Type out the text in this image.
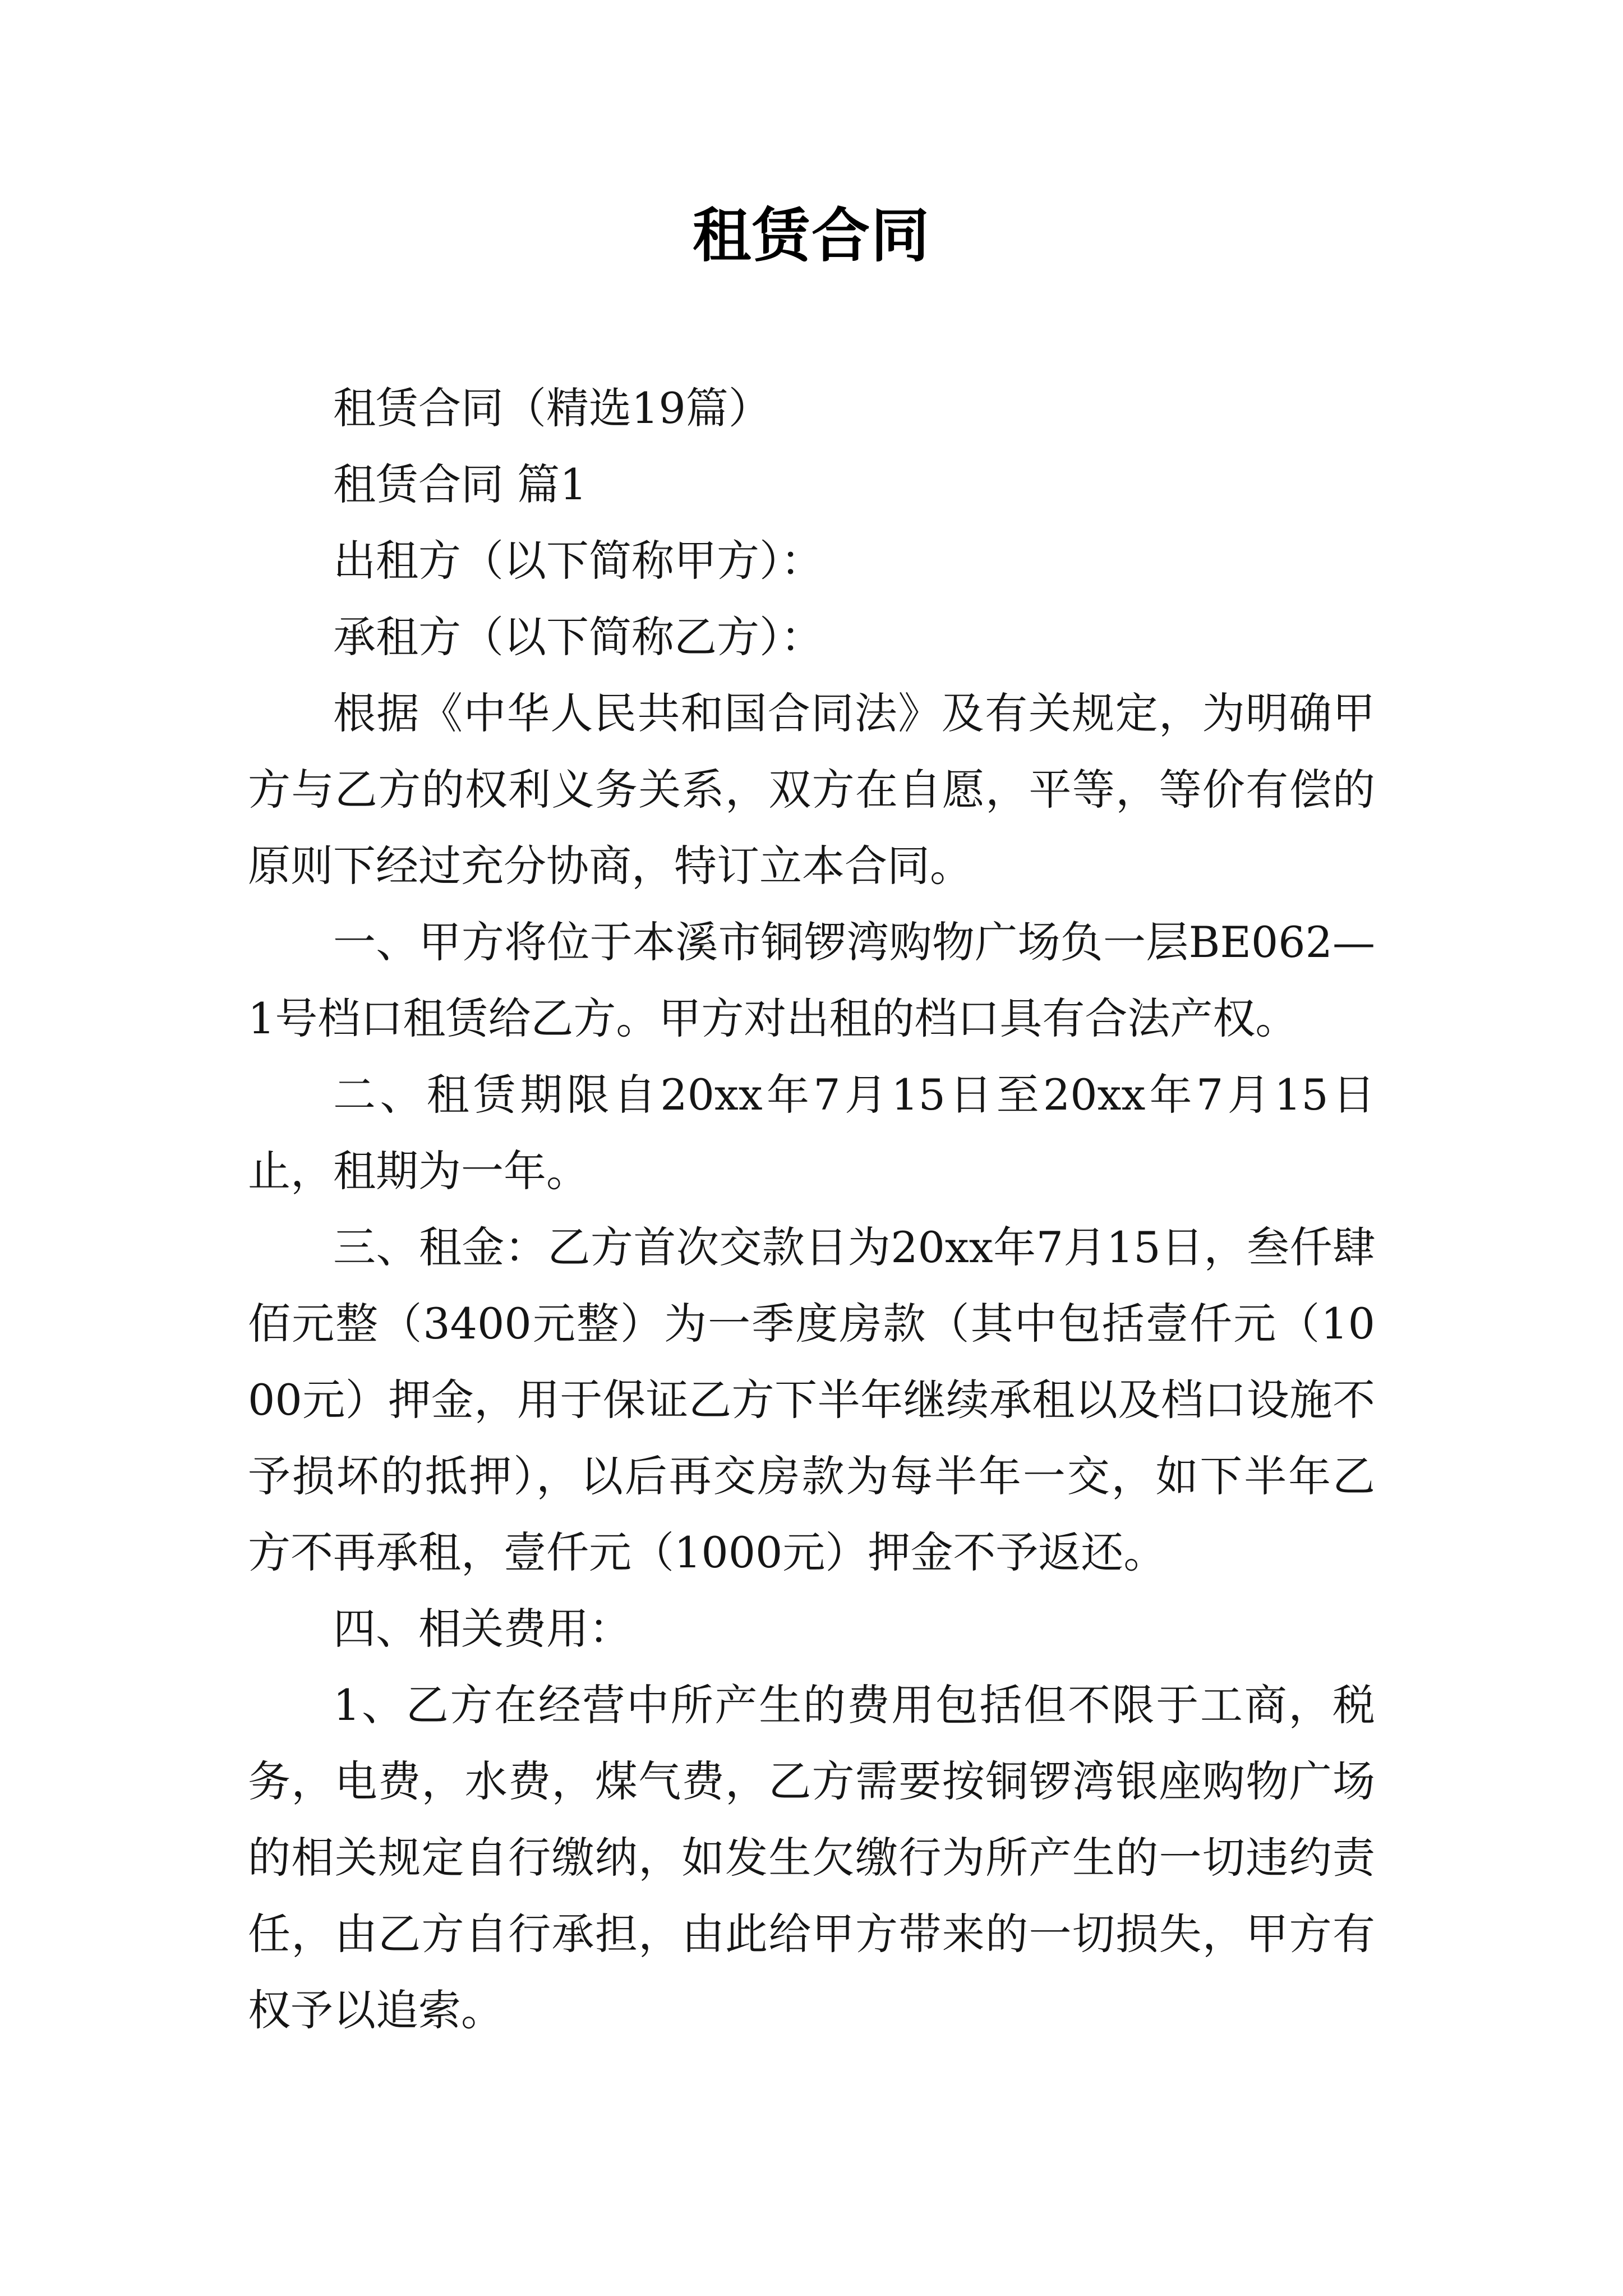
租赁合同

租赁合同（精选19篇）

租赁合同 篇1

出租方（以下简称甲方）：

承租方（以下简称乙方）：

根据《中华人民共和国合同法》及有关规定，为明确甲方与乙方的权利义务关系，双方在自愿，平等，等价有偿的原则下经过充分协商，特订立本合同。

一、甲方将位于本溪市铜锣湾购物广场负一层BE062—1号档口租赁给乙方。甲方对出租的档口具有合法产权。

二、租赁期限自20xx年7月15日至20xx年7月15日止，租期为一年。

三、租金：乙方首次交款日为20xx年7月15日，叁仟肆佰元整（3400元整）为一季度房款（其中包括壹仟元（1000元）押金，用于保证乙方下半年继续承租以及档口设施不予损坏的抵押），以后再交房款为每半年一交，如下半年乙方不再承租，壹仟元（1000元）押金不予返还。

四、相关费用：

1、乙方在经营中所产生的费用包括但不限于工商，税务，电费，水费，煤气费，乙方需要按铜锣湾银座购物广场的相关规定自行缴纳，如发生欠缴行为所产生的一切违约责任，由乙方自行承担，由此给甲方带来的一切损失，甲方有权予以追索。
